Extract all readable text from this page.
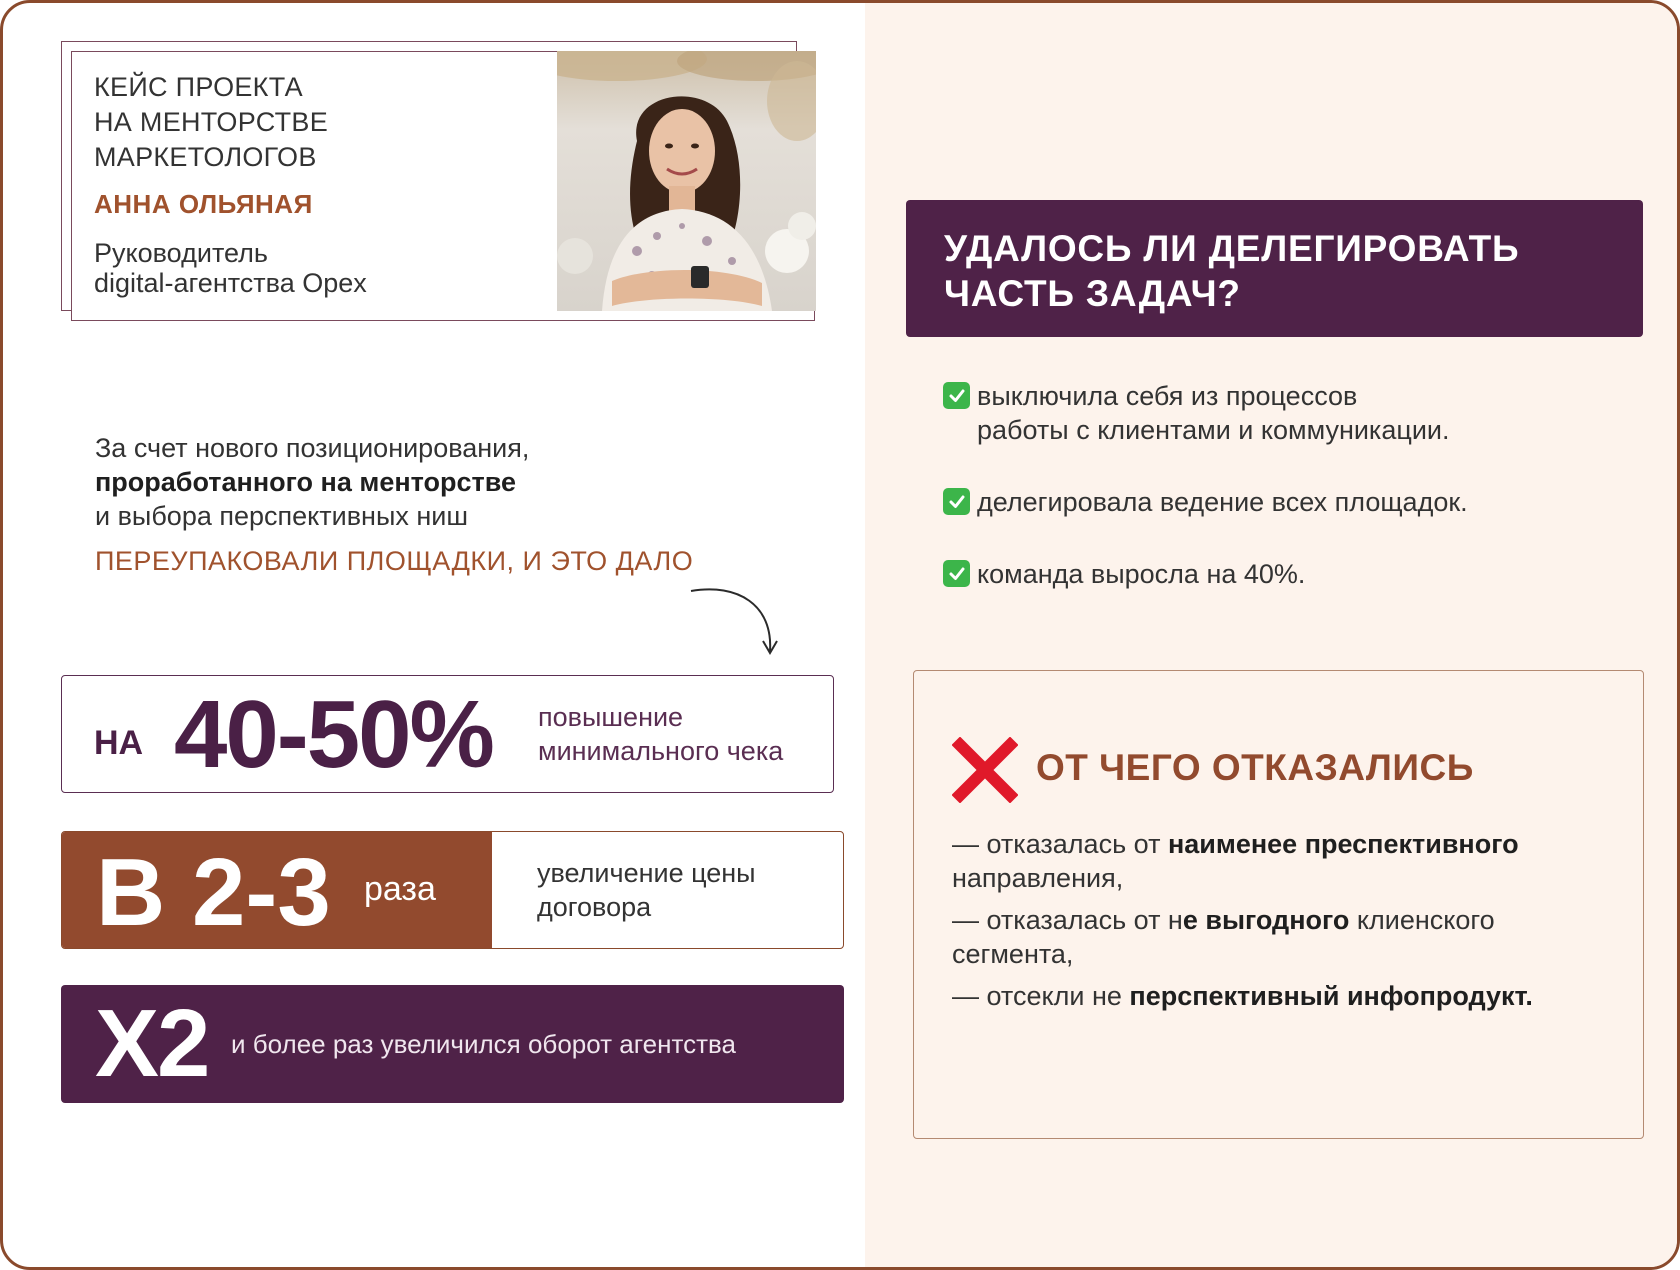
КЕЙС ПРОЕКТА
НА МЕНТОРСТВЕ
МАРКЕТОЛОГОВ
АННА ОЛЬЯНАЯ
Руководитель
digital-агентства Opex
За счет нового позиционирования,
проработанного на менторстве
и выбора перспективных ниш
ПЕРЕУПАКОВАЛИ ПЛОЩАДКИ, И ЭТО ДАЛО
НА 40-50% повышение
минимального чека
В 2-3 раза	увеличение цены
договора
Х2 и более раз увеличился оборот агентства
УДАЛОСЬ ЛИ ДЕЛЕГИРОВАТЬ
ЧАСТЬ ЗАДАЧ?
выключила себя из процессов
работы с клиентами и коммуникации.
делегировала ведение всех площадок.
команда выросла на 40%.
ОТ ЧЕГО ОТКАЗАЛИСЬ

— отказалась от наименее преспективного направления,

— отказалась от не выгодного клиенского сегмента,

— отсекли не перспективный инфопродукт.
